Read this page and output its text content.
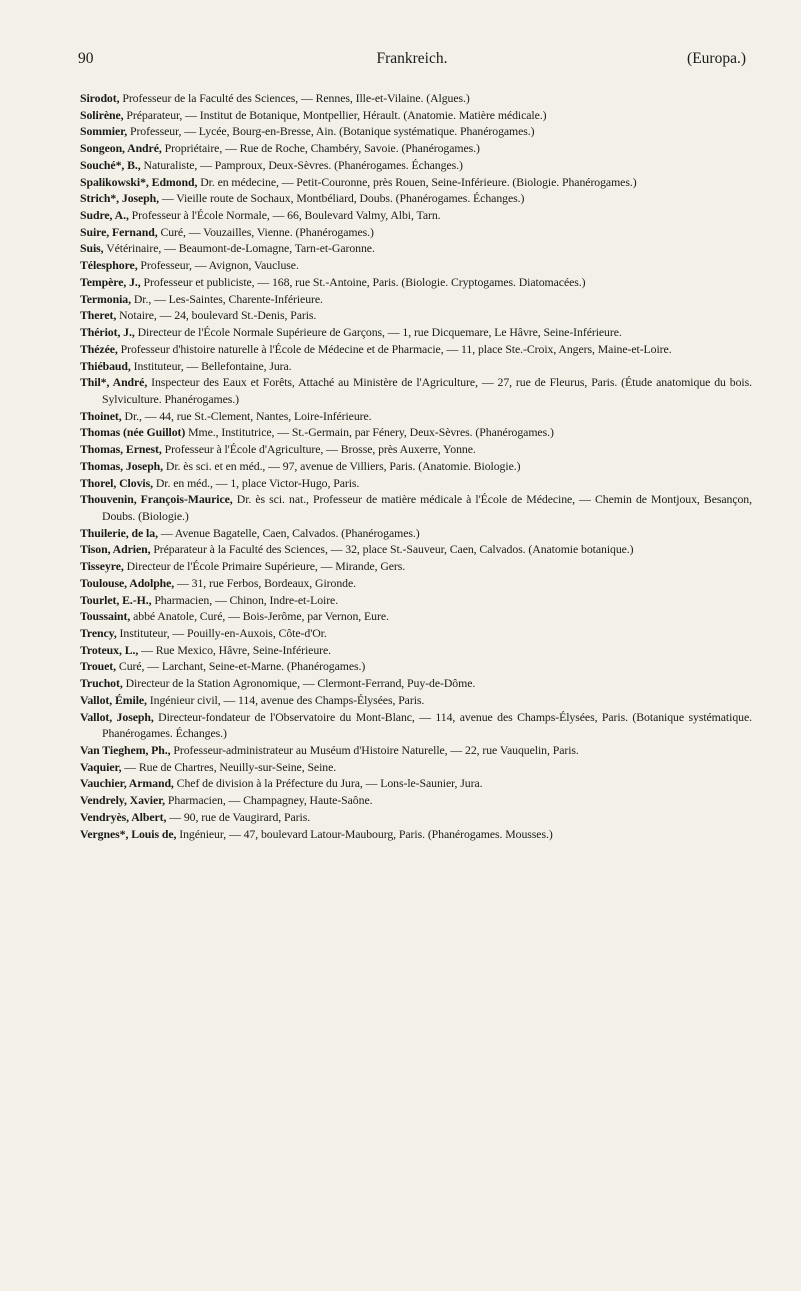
90	Frankreich.	(Europa.)
Sirodot, Professeur de la Faculté des Sciences, — Rennes, Ille-et-Vilaine. (Algues.)
Solirène, Préparateur, — Institut de Botanique, Montpellier, Hérault. (Anatomie. Matière médicale.)
Sommier, Professeur, — Lycée, Bourg-en-Bresse, Ain. (Botanique systématique. Phanérogames.)
Songeon, André, Propriétaire, — Rue de Roche, Chambéry, Savoie. (Phanérogames.)
Souché*, B., Naturaliste, — Pamproux, Deux-Sèvres. (Phanérogames. Échanges.)
Spalikowski*, Edmond, Dr. en médecine, — Petit-Couronne, près Rouen, Seine-Inférieure. (Biologie. Phanérogames.)
Strich*, Joseph, — Vieille route de Sochaux, Montbéliard, Doubs. (Phanérogames. Échanges.)
Sudre, A., Professeur à l'École Normale, — 66, Boulevard Valmy, Albi, Tarn.
Suire, Fernand, Curé, — Vouzailles, Vienne. (Phanérogames.)
Suis, Vétérinaire, — Beaumont-de-Lomagne, Tarn-et-Garonne.
Télesphore, Professeur, — Avignon, Vaucluse.
Tempère, J., Professeur et publiciste, — 168, rue St.-Antoine, Paris. (Biologie. Cryptogames. Diatomacées.)
Termonia, Dr., — Les-Saintes, Charente-Inférieure.
Theret, Notaire, — 24, boulevard St.-Denis, Paris.
Thériot, J., Directeur de l'École Normale Supérieure de Garçons, — 1, rue Dicquemare, Le Hâvre, Seine-Inférieure.
Thézée, Professeur d'histoire naturelle à l'École de Médecine et de Pharmacie, — 11, place Ste.-Croix, Angers, Maine-et-Loire.
Thiébaud, Instituteur, — Bellefontaine, Jura.
Thil*, André, Inspecteur des Eaux et Forêts, Attaché au Ministère de l'Agriculture, — 27, rue de Fleurus, Paris. (Étude anatomique du bois. Sylviculture. Phanérogames.)
Thoinet, Dr., — 44, rue St.-Clement, Nantes, Loire-Inférieure.
Thomas (née Guillot) Mme., Institutrice, — St.-Germain, par Fénery, Deux-Sèvres. (Phanérogames.)
Thomas, Ernest, Professeur à l'École d'Agriculture, — Brosse, près Auxerre, Yonne.
Thomas, Joseph, Dr. ès sci. et en méd., — 97, avenue de Villiers, Paris. (Anatomie. Biologie.)
Thorel, Clovis, Dr. en méd., — 1, place Victor-Hugo, Paris.
Thouvenin, François-Maurice, Dr. ès sci. nat., Professeur de matière médicale à l'École de Médecine, — Chemin de Montjoux, Besançon, Doubs. (Biologie.)
Thuilerie, de la, — Avenue Bagatelle, Caen, Calvados. (Phanérogames.)
Tison, Adrien, Préparateur à la Faculté des Sciences, — 32, place St.-Sauveur, Caen, Calvados. (Anatomie botanique.)
Tisseyre, Directeur de l'École Primaire Supérieure, — Mirande, Gers.
Toulouse, Adolphe, — 31, rue Ferbos, Bordeaux, Gironde.
Tourlet, E.-H., Pharmacien, — Chinon, Indre-et-Loire.
Toussaint, abbé Anatole, Curé, — Bois-Jerôme, par Vernon, Eure.
Trency, Instituteur, — Pouilly-en-Auxois, Côte-d'Or.
Troteux, L., — Rue Mexico, Hâvre, Seine-Inférieure.
Trouet, Curé, — Larchant, Seine-et-Marne. (Phanérogames.)
Truchot, Directeur de la Station Agronomique, — Clermont-Ferrand, Puy-de-Dôme.
Vallot, Émile, Ingénieur civil, — 114, avenue des Champs-Élysées, Paris.
Vallot, Joseph, Directeur-fondateur de l'Observatoire du Mont-Blanc, — 114, avenue des Champs-Élysées, Paris. (Botanique systématique. Phanérogames. Échanges.)
Van Tieghem, Ph., Professeur-administrateur au Muséum d'Histoire Naturelle, — 22, rue Vauquelin, Paris.
Vaquier, — Rue de Chartres, Neuilly-sur-Seine, Seine.
Vauchier, Armand, Chef de division à la Préfecture du Jura, — Lons-le-Saunier, Jura.
Vendrely, Xavier, Pharmacien, — Champagney, Haute-Saône.
Vendryès, Albert, — 90, rue de Vaugirard, Paris.
Vergnes*, Louis de, Ingénieur, — 47, boulevard Latour-Maubourg, Paris. (Phanérogames. Mousses.)
